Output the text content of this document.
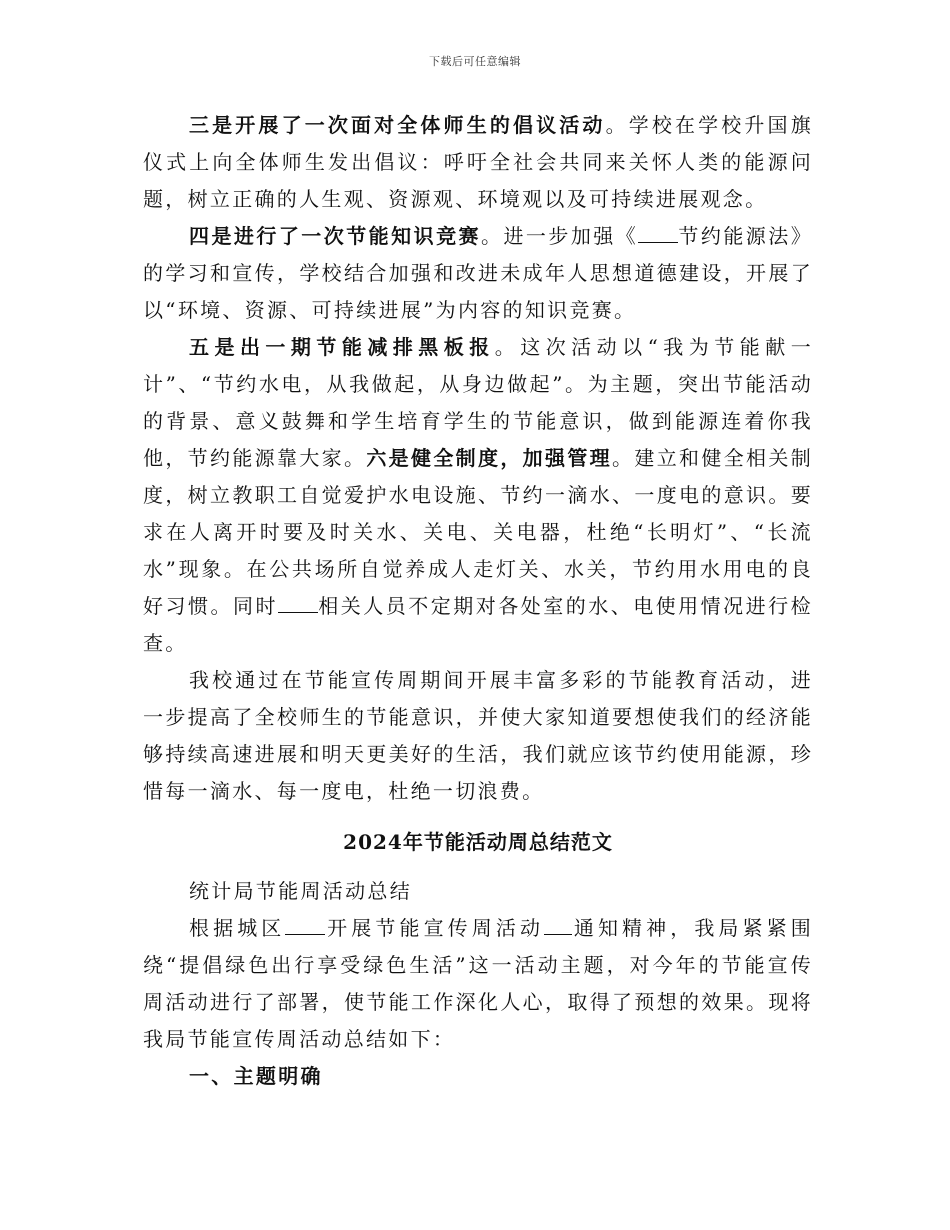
下载后可任意编辑

三是开展了一次面对全体师生的倡议活动。学校在学校升国旗仪式上向全体师生发出倡议：呼吁全社会共同来关怀人类的能源问题，树立正确的人生观、资源观、环境观以及可持续进展观念。

四是进行了一次节能知识竞赛。进一步加强《 节约能源法》的学习和宣传，学校结合加强和改进未成年人思想道德建设，开展了以“环境、资源、可持续进展”为内容的知识竞赛。

五是出一期节能减排黑板报。这次活动以“我为节能献一计”、“节约水电，从我做起，从身边做起”。为主题，突出节能活动的背景、意义鼓舞和学生培育学生的节能意识，做到能源连着你我他，节约能源靠大家。六是健全制度，加强管理。建立和健全相关制度，树立教职工自觉爱护水电设施、节约一滴水、一度电的意识。要求在人离开时要及时关水、关电、关电器，杜绝“长明灯”、“长流水”现象。在公共场所自觉养成人走灯关、水关，节约用水用电的良好习惯。同时 相关人员不定期对各处室的水、电使用情况进行检查。

我校通过在节能宣传周期间开展丰富多彩的节能教育活动，进一步提高了全校师生的节能意识，并使大家知道要想使我们的经济能够持续高速进展和明天更美好的生活，我们就应该节约使用能源，珍惜每一滴水、每一度电，杜绝一切浪费。

2024年节能活动周总结范文

统计局节能周活动总结

根据城区 开展节能宣传周活动 通知精神，我局紧紧围绕“提倡绿色出行享受绿色生活”这一活动主题，对今年的节能宣传周活动进行了部署，使节能工作深化人心，取得了预想的效果。现将我局节能宣传周活动总结如下：

一、主题明确
